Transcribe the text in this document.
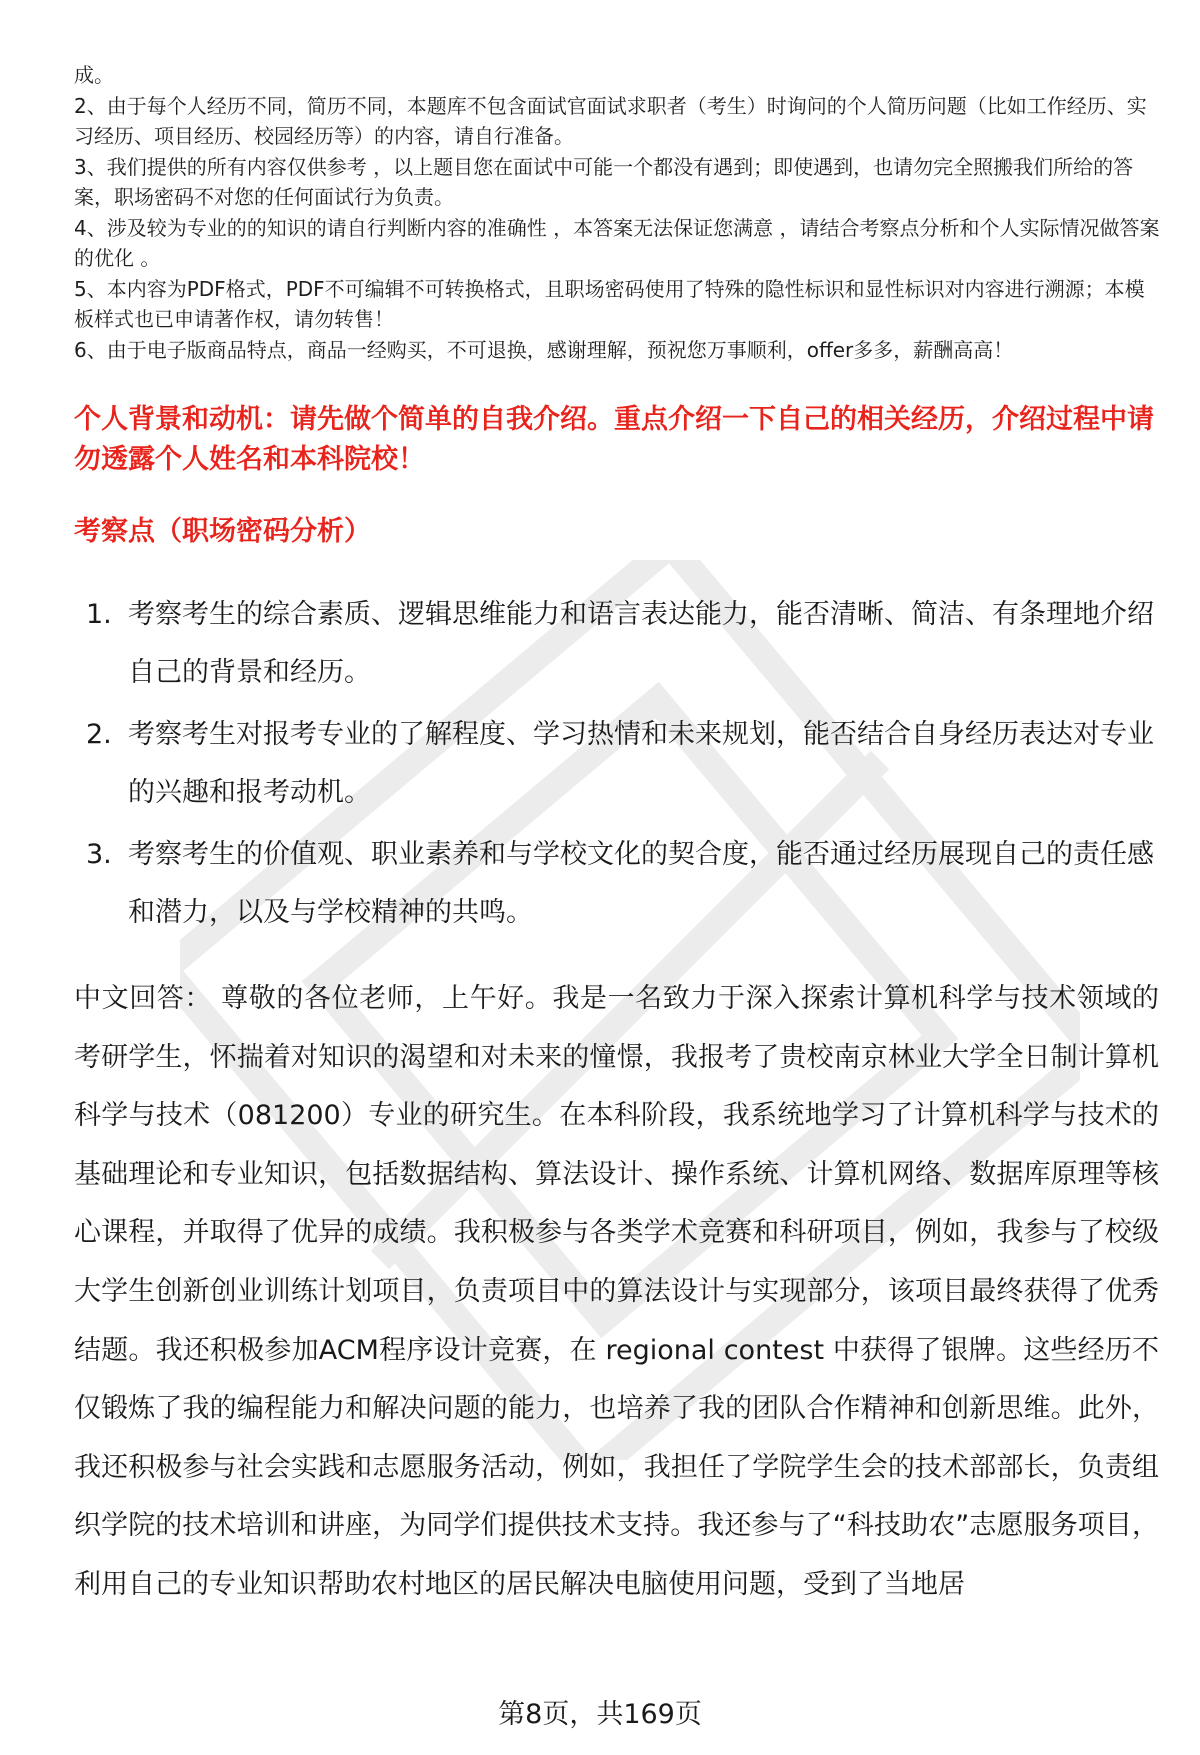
成。

2、由于每个人经历不同，简历不同，本题库不包含面试官面试求职者（考生）时询问的个人简历问题（比如工作经历、实习经历、项目经历、校园经历等）的内容，请自行准备。

3、我们提供的所有内容仅供参考 ，以上题目您在面试中可能一个都没有遇到；即使遇到，也请勿完全照搬我们所给的答案，职场密码不对您的任何面试行为负责。

4、涉及较为专业的的知识的请自行判断内容的准确性 ，本答案无法保证您满意 ，请结合考察点分析和个人实际情况做答案的优化 。

5、本内容为PDF格式，PDF不可编辑不可转换格式，且职场密码使用了特殊的隐性标识和显性标识对内容进行溯源；本模板样式也已申请著作权，请勿转售！

6、由于电子版商品特点，商品一经购买，不可退换，感谢理解，预祝您万事顺利，offer多多，薪酬高高！

个人背景和动机：请先做个简单的自我介绍。重点介绍一下自己的相关经历，介绍过程中请勿透露个人姓名和本科院校！
考察点（职场密码分析）
1. 考察考生的综合素质、逻辑思维能力和语言表达能力，能否清晰、简洁、有条理地介绍自己的背景和经历。
2. 考察考生对报考专业的了解程度、学习热情和未来规划，能否结合自身经历表达对专业的兴趣和报考动机。
3. 考察考生的价值观、职业素养和与学校文化的契合度，能否通过经历展现自己的责任感和潜力，以及与学校精神的共鸣。
中文回答： 尊敬的各位老师，上午好。我是一名致力于深入探索计算机科学与技术领域的考研学生，怀揣着对知识的渴望和对未来的憧憬，我报考了贵校南京林业大学全日制计算机科学与技术（081200）专业的研究生。在本科阶段，我系统地学习了计算机科学与技术的基础理论和专业知识，包括数据结构、算法设计、操作系统、计算机网络、数据库原理等核心课程，并取得了优异的成绩。我积极参与各类学术竞赛和科研项目，例如，我参与了校级大学生创新创业训练计划项目，负责项目中的算法设计与实现部分，该项目最终获得了优秀结题。我还积极参加ACM程序设计竞赛，在 regional contest 中获得了银牌。这些经历不仅锻炼了我的编程能力和解决问题的能力，也培养了我的团队合作精神和创新思维。此外，我还积极参与社会实践和志愿服务活动，例如，我担任了学院学生会的技术部部长，负责组织学院的技术培训和讲座，为同学们提供技术支持。我还参与了“科技助农”志愿服务项目，利用自己的专业知识帮助农村地区的居民解决电脑使用问题，受到了当地居
第8页，共169页
